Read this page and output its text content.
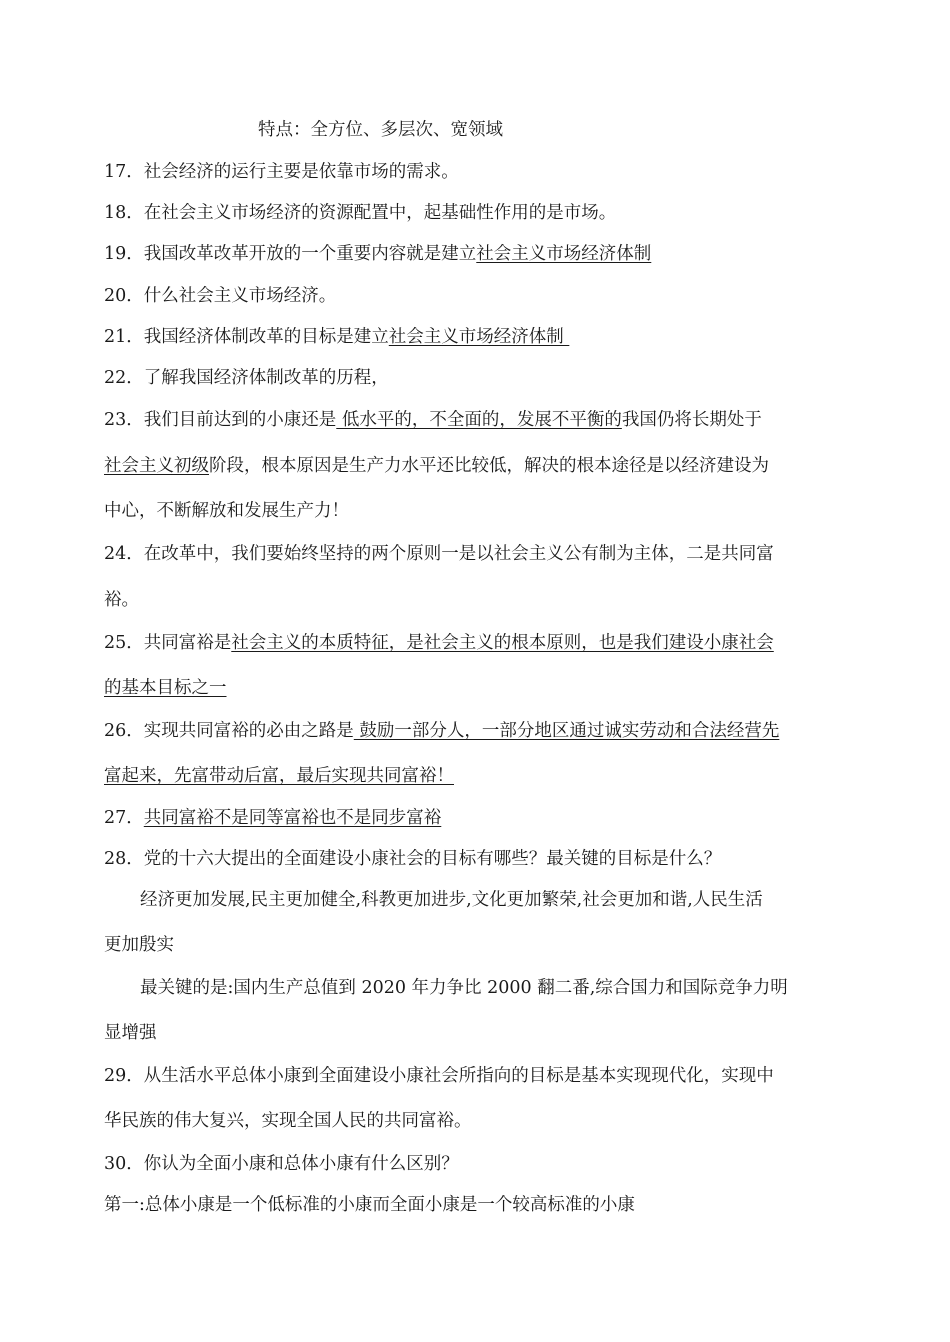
特点：全方位、多层次、宽领域
17．社会经济的运行主要是依靠市场的需求。
18．在社会主义市场经济的资源配置中，起基础性作用的是市场。
19．我国改革改革开放的一个重要内容就是建立社会主义市场经济体制
20．什么社会主义市场经济。
21．我国经济体制改革的目标是建立社会主义市场经济体制
22．了解我国经济体制改革的历程，
23．我们目前达到的小康还是 低水平的，不全面的，发展不平衡的我国仍将长期处于
社会主义初级阶段，根本原因是生产力水平还比较低，解决的根本途径是以经济建设为
中心，不断解放和发展生产力！
24．在改革中，我们要始终坚持的两个原则一是以社会主义公有制为主体，二是共同富
裕。
25．共同富裕是社会主义的本质特征，是社会主义的根本原则，也是我们建设小康社会
的基本目标之一
26．实现共同富裕的必由之路是 鼓励一部分人，一部分地区通过诚实劳动和合法经营先
富起来，先富带动后富，最后实现共同富裕！
27．共同富裕不是同等富裕也不是同步富裕
28．党的十六大提出的全面建设小康社会的目标有哪些？最关键的目标是什么？
经济更加发展,民主更加健全,科教更加进步,文化更加繁荣,社会更加和谐,人民生活
更加殷实
最关键的是:国内生产总值到 2020 年力争比 2000 翻二番,综合国力和国际竞争力明
显增强
29．从生活水平总体小康到全面建设小康社会所指向的目标是基本实现现代化，实现中
华民族的伟大复兴，实现全国人民的共同富裕。
30．你认为全面小康和总体小康有什么区别？
第一:总体小康是一个低标准的小康而全面小康是一个较高标准的小康
